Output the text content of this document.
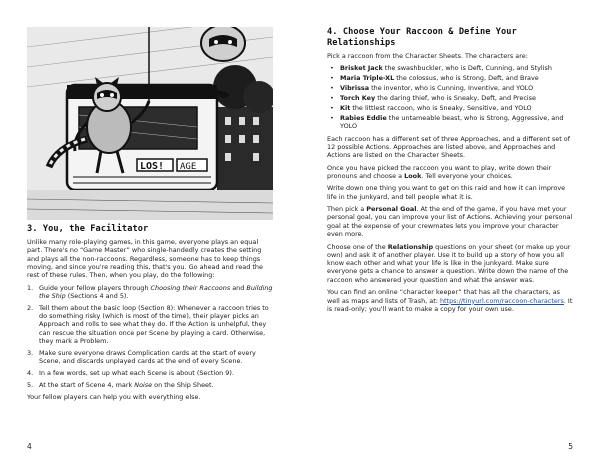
LOS! AGE
3. You, the Facilitator

Unlike many role-playing games, in this game, everyone plays an equal part. There's no “Game Master” who single-handedly creates the setting and plays all the non-raccoons. Regardless, someone has to keep things moving, and since you're reading this, that's you. Go ahead and read the rest of these rules. Then, when you play, do the following:

1. Guide your fellow players through Choosing their Raccoons and Building the Ship (Sections 4 and 5).
2. Tell them about the basic loop (Section 8): Whenever a raccoon tries to do something risky (which is most of the time), their player picks an Approach and rolls to see what they do. If the Action is unhelpful, they can rescue the situation once per Scene by playing a card. Otherwise, they mark a Problem.
3. Make sure everyone draws Complication cards at the start of every Scene, and discards unplayed cards at the end of every Scene.
4. In a few words, set up what each Scene is about (Section 9).
5. At the start of Scene 4, mark Noise on the Ship Sheet.

Your fellow players can help you with everything else.

4
4. Choose Your Raccoon & Define Your Relationships

Pick a raccoon from the Character Sheets. The characters are:

• Brisket Jack the swashbuckler, who is Deft, Cunning, and Stylish
• Maria Triple-XL the colossus, who is Strong, Deft, and Brave
• Vibrissa the inventor, who is Cunning, Inventive, and YOLO
• Torch Key the daring thief, who is Sneaky, Deft, and Precise
• Kit the littlest raccoon, who is Sneaky, Sensitive, and YOLO
• Rabies Eddie the untameable beast, who is Strong, Aggressive, and YOLO

Each raccoon has a different set of three Approaches, and a different set of 12 possible Actions. Approaches are listed above, and Approaches and Actions are listed on the Character Sheets.

Once you have picked the raccoon you want to play, write down their pronouns and choose a Look. Tell everyone your choices.

Write down one thing you want to get on this raid and how it can improve life in the junkyard, and tell people what it is.

Then pick a Personal Goal. At the end of the game, if you have met your personal goal, you can improve your list of Actions. Achieving your personal goal at the expense of your crewmates lets you improve your character even more.

Choose one of the Relationship questions on your sheet (or make up your own) and ask it of another player. Use it to build up a story of how you all know each other and what your life is like in the junkyard. Make sure everyone gets a chance to answer a question. Write down the name of the raccoon who answered your question and what the answer was.

You can find an online “character keeper” that has all the characters, as well as maps and lists of Trash, at: https://tinyurl.com/raccoon-characters. It is read-only; you'll want to make a copy for your own use.

5
